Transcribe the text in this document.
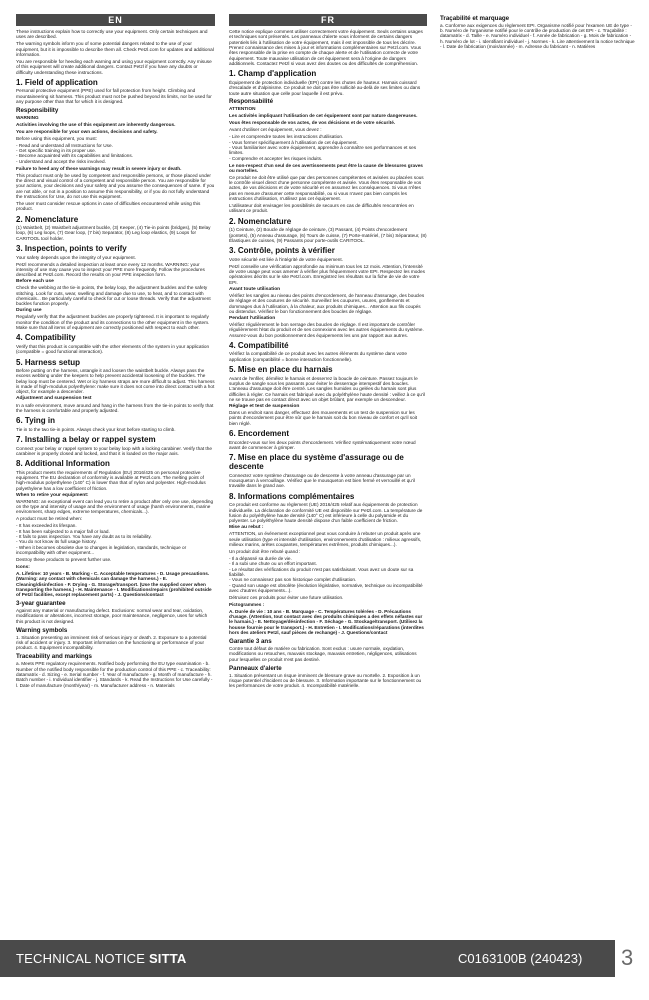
EN

These instructions explain how to correctly use your equipment. Only certain techniques and uses are described.

The warning symbols inform you of some potential dangers related to the use of your equipment, but it is impossible to describe them all. Check Petzl.com for updates and additional information.

You are responsible for heeding each warning and using your equipment correctly. Any misuse of this equipment will create additional dangers. Contact Petzl if you have any doubts or difficulty understanding these instructions.

1. Field of application

Personal protective equipment (PPE) used for fall protection from height. Climbing and mountaineering sit harness. This product must not be pushed beyond its limits, nor be used for any purpose other than that for which it is designed.

Responsibility

WARNING

Activities involving the use of this equipment are inherently dangerous.

You are responsible for your own actions, decisions and safety.

Before using this equipment, you must:

- Read and understand all Instructions for Use.
- Get specific training in its proper use.
- Become acquainted with its capabilities and limitations.
- Understand and accept the risks involved.

Failure to heed any of these warnings may result in severe injury or death.

This product must only be used by competent and responsible persons, or those placed under the direct and visual control of a competent and responsible person. You are responsible for your actions, your decisions and your safety and you assume the consequences of same. If you are not able, or not in a position to assume this responsibility, or if you do not fully understand the Instructions for Use, do not use this equipment.

The user must consider rescue options in case of difficulties encountered while using this product.

2. Nomenclature

(1) Waistbelt, (2) Waistbelt adjustment buckle, (3) Keeper, (4) Tie-in points (bridges), (5) Belay loop, (6) Leg loops, (7) Gear loop, (7 bis) Separator, (8) Leg loop elastics, (9) Loops for CARITOOL tool holder.

3. Inspection, points to verify

Your safety depends upon the integrity of your equipment.

Petzl recommends a detailed inspection at least once every 12 months. WARNING: your intensity of use may cause you to inspect your PPE more frequently. Follow the procedures described at Petzl.com. Record the results on your PPE inspection form.

Before each use

Check the webbing at the tie-in points, the belay loop, the adjustment buckles and the safety stitching. Look for cuts, wear, swelling and damage due to use, to heat, and to contact with chemicals... Be particularly careful to check for cut or loose threads. Verify that the adjustment buckles function properly.

During use

Regularly verify that the adjustment buckles are properly tightened. It is important to regularly monitor the condition of the product and its connections to the other equipment in the system. Make sure that all items of equipment are correctly positioned with respect to each other.

4. Compatibility

Verify that this product is compatible with the other elements of the system in your application (compatible = good functional interaction).

5. Harness setup

Before putting on the harness, untangle it and loosen the waistbelt buckle. Always pass the excess webbing under the keepers to help prevent accidental loosening of the buckles. The belay loop must be centered. Wet or icy harness straps are more difficult to adjust. This harness is made of high-modulus polyethylene: make sure it does not come into direct contact with a hot object, for example a descender.

Adjustment and suspension test

In a safe environment, move around and hang in the harness from the tie-in points to verify that the harness is comfortable and properly adjusted.

6. Tying in

Tie in to the two tie-in points. Always check your knot before starting to climb.

7. Installing a belay or rappel system

Connect your belay or rappel system to your belay loop with a locking carabiner. Verify that the carabiner is properly closed and locked, and that it is loaded on the major axis.

8. Additional Information

This product meets the requirements of Regulation (EU) 2016/425 on personal protective equipment. The EU declaration of conformity is available at Petzl.com. The melting point of high-modulus polyethylene (140° C) is lower than that of nylon and polyester. High-modulus polyethylene has a low coefficient of friction.

When to retire your equipment:

WARNING: an exceptional event can lead you to retire a product after only one use, depending on the type and intensity of usage and the environment of usage (harsh environments, marine environment, sharp edges, extreme temperatures, chemicals...).

A product must be retired when:

- It has exceeded its lifespan.
- It has been subjected to a major fall or load.
- It fails to pass inspection. You have any doubt as to its reliability.
- You do not know its full usage history.
- When it becomes obsolete due to changes in legislation, standards, technique or incompatibility with other equipment...

Destroy these products to prevent further use.

Icons:

A. Lifetime: 10 years - B. Marking - C. Acceptable temperatures - D. Usage precautions. (Warning: any contact with chemicals can damage the harness.) - E. Cleaning/disinfection - F. Drying - G. Storage/transport. (Use the supplied cover when transporting the harness.) - H. Maintenance - I. Modifications/repairs (prohibited outside of Petzl facilities, except replacement parts) - J. Questions/contact

3-year guarantee

Against any material or manufacturing defect. Exclusions: normal wear and tear, oxidation, modifications or alterations, incorrect storage, poor maintenance, negligence, uses for which this product is not designed.

Warning symbols

1. Situation presenting an imminent risk of serious injury or death. 2. Exposure to a potential risk of accident or injury. 3. Important information on the functioning or performance of your product. 4. Equipment incompatibility.

Traceability and markings

a. Meets PPE regulatory requirements. Notified body performing the EU type examination - b. Number of the notified body responsible for the production control of this PPE - c. Traceability: datamatrix - d. Sizing - e. Serial number - f. Year of manufacture - g. Month of manufacture - h. Batch number - i. Individual identifier - j. Standards - k. Read the Instructions for Use carefully - l. Date of manufacture (month/year) - m. Manufacturer address - n. Materials

FR

Cette notice explique comment utiliser correctement votre équipement. Seuls certains usages et techniques sont présentés. Les panneaux d'alerte vous informent de certains dangers potentiels liés à l'utilisation de votre équipement, mais il est impossible de tous les décrire. Prenez connaissance des mises à jour et informations complémentaires sur Petzl.com. Vous êtes responsable de la prise en compte de chaque alerte et de l'utilisation correcte de votre équipement. Toute mauvaise utilisation de cet équipement sera à l'origine de dangers additionnels. Contactez Petzl si vous avez des doutes ou des difficultés de compréhension.

1. Champ d'application

Équipement de protection individuelle (EPI) contre les chutes de hauteur. Harnais cuissard d'escalade et d'alpinisme. Ce produit ne doit pas être sollicité au-delà de ses limites ou dans toute autre situation que celle pour laquelle il est prévu.

Responsabilité

ATTENTION

Les activités impliquant l'utilisation de cet équipement sont par nature dangereuses.

Vous êtes responsable de vos actes, de vos décisions et de votre sécurité.

Avant d'utiliser cet équipement, vous devez :

- Lire et comprendre toutes les instructions d'utilisation.
- Vous former spécifiquement à l'utilisation de cet équipement.
- Vous familiariser avec votre équipement, apprendre à connaître ses performances et ses limites.
- Comprendre et accepter les risques induits.

Le non-respect d'un seul de ces avertissements peut être la cause de blessures graves ou mortelles.

Ce produit ne doit être utilisé que par des personnes compétentes et avisées ou placées sous le contrôle visuel direct d'une personne compétente et avisée. Vous êtes responsable de vos actes, de vos décisions et de votre sécurité et en assumez les conséquences. Si vous n'êtes pas en mesure d'assumer cette responsabilité, ou si vous n'avez pas bien compris les instructions d'utilisation, n'utilisez pas cet équipement.

L'utilisateur doit envisager les possibilités de secours en cas de difficultés rencontrées en utilisant ce produit.

2. Nomenclature

(1) Ceinture, (2) Boucle de réglage de ceinture, (3) Passant, (4) Points d'encordement (pontets), (5) Anneau d'assurage, (6) Tours de cuisse, (7) Porte-matériel, (7 bis) Séparateur, (8) Élastiques de cuisses, (9) Passants pour porte-outils CARITOOL.

3. Contrôle, points à vérifier

Votre sécurité est liée à l'intégrité de votre équipement.

Petzl conseille une vérification approfondie au minimum tous les 12 mois. Attention, l'intensité de votre usage peut vous amener à vérifier plus fréquemment votre EPI. Respectez les modes opératoires décrits sur le site Petzl.com. Enregistrez les résultats sur la fiche de vie de votre EPI.

Avant toute utilisation

Vérifiez les sangles au niveau des points d'encordement, de l'anneau d'assurage, des boucles de réglage et des coutures de sécurité. Surveillez les coupures, usures, gonflements et dommages dus à l'utilisation, à la chaleur, aux produits chimiques... Attention aux fils coupés ou distendus. Vérifiez le bon fonctionnement des boucles de réglage.

Pendant l'utilisation

Vérifiez régulièrement le bon serrage des boucles de réglage. Il est important de contrôler régulièrement l'état du produit et de ses connexions avec les autres équipements du système. Assurez-vous du bon positionnement des équipements les uns par rapport aux autres.

4. Compatibilité

Vérifiez la compatibilité de ce produit avec les autres éléments du système dans votre application (compatibilité = bonne interaction fonctionnelle).

5. Mise en place du harnais

Avant de l'enfiler, démêlez le harnais et desserrez la boucle de ceinture. Passez toujours le surplus de sangle sous les passants pour éviter le desserrage intempestif des boucles. L'anneau d'assurage doit être centré. Les sangles humides ou gelées du harnais sont plus difficiles à régler. Ce harnais est fabriqué avec du polyéthylène haute densité : veillez à ce qu'il ne se trouve pas en contact direct avec un objet brûlant, par exemple un descendeur.

Réglage et test de suspension

Dans un endroit sans danger, effectuez des mouvements et un test de suspension sur les points d'encordement pour être sûr que le harnais soit du bon niveau de confort et qu'il soit bien réglé.

6. Encordement

Encordez-vous sur les deux points d'encordement. Vérifiez systématiquement votre nœud avant de commencer à grimper.

7. Mise en place du système d'assurage ou de descente

Connectez votre système d'assurage ou de descente à votre anneau d'assurage par un mousqueton à verrouillage. Vérifiez que le mousqueton est bien fermé et verrouillé et qu'il travaille dans le grand axe.

8. Informations complémentaires

Ce produit est conforme au règlement (UE) 2016/425 relatif aux équipements de protection individuelle. La déclaration de conformité UE est disponible sur Petzl.com. La température de fusion du polyéthylène haute densité (140° C) est inférieure à celle du polyamide et du polyester. Le polyéthylène haute densité dispose d'un faible coefficient de friction.

Mise au rebut :

ATTENTION, un événement exceptionnel peut vous conduire à rebuter un produit après une seule utilisation (type et intensité d'utilisation, environnements d'utilisation : milieux agressifs, milieux marins, arêtes coupantes, températures extrêmes, produits chimiques...).

Un produit doit être rebuté quand :

- Il a dépassé sa durée de vie.
- Il a subi une chute ou un effort important.
- Le résultat des vérifications du produit n'est pas satisfaisant. Vous avez un doute sur sa fiabilité.
- Vous ne connaissez pas son historique complet d'utilisation.
- Quand son usage est obsolète (évolution législative, normative, technique ou incompatibilité avec d'autres équipements...).

Détruisez ces produits pour éviter une future utilisation.

Pictogrammes :

A. Durée de vie : 10 ans - B. Marquage - C. Températures tolérées - D. Précautions d'usage. (Attention, tout contact avec des produits chimiques a des effets néfastes sur le harnais.) - E. Nettoyage/désinfection - F. Séchage - G. Stockage/transport. (Utilisez la housse fournie pour le transport.) - H. Entretien - I. Modifications/réparations (interdites hors des ateliers Petzl, sauf pièces de rechange) - J. Questions/contact

Garantie 3 ans

Contre tout défaut de matière ou fabrication. Sont exclus : usure normale, oxydation, modifications ou retouches, mauvais stockage, mauvais entretien, négligences, utilisations pour lesquelles ce produit n'est pas destiné.

Panneaux d'alerte

1. Situation présentant un risque imminent de blessure grave ou mortelle. 2. Exposition à un risque potentiel d'incident ou de blessure. 3. Information importante sur le fonctionnement ou les performances de votre produit. 4. Incompatibilité matérielle.

Traçabilité et marquage

a. Conforme aux exigences du règlement EPI. Organisme notifié pour l'examen UE de type - b. Numéro de l'organisme notifié pour le contrôle de production de cet EPI - c. Traçabilité : datamatrix - d. Taille - e. Numéro individuel - f. Année de fabrication - g. Mois de fabrication - h. Numéro de lot - i. Identifiant individuel - j. Normes - k. Lire attentivement la notice technique - l. Date de fabrication (mois/année) - m. Adresse du fabricant - n. Matières

TECHNICAL NOTICE SITTA	C0163100B (240423) 3
